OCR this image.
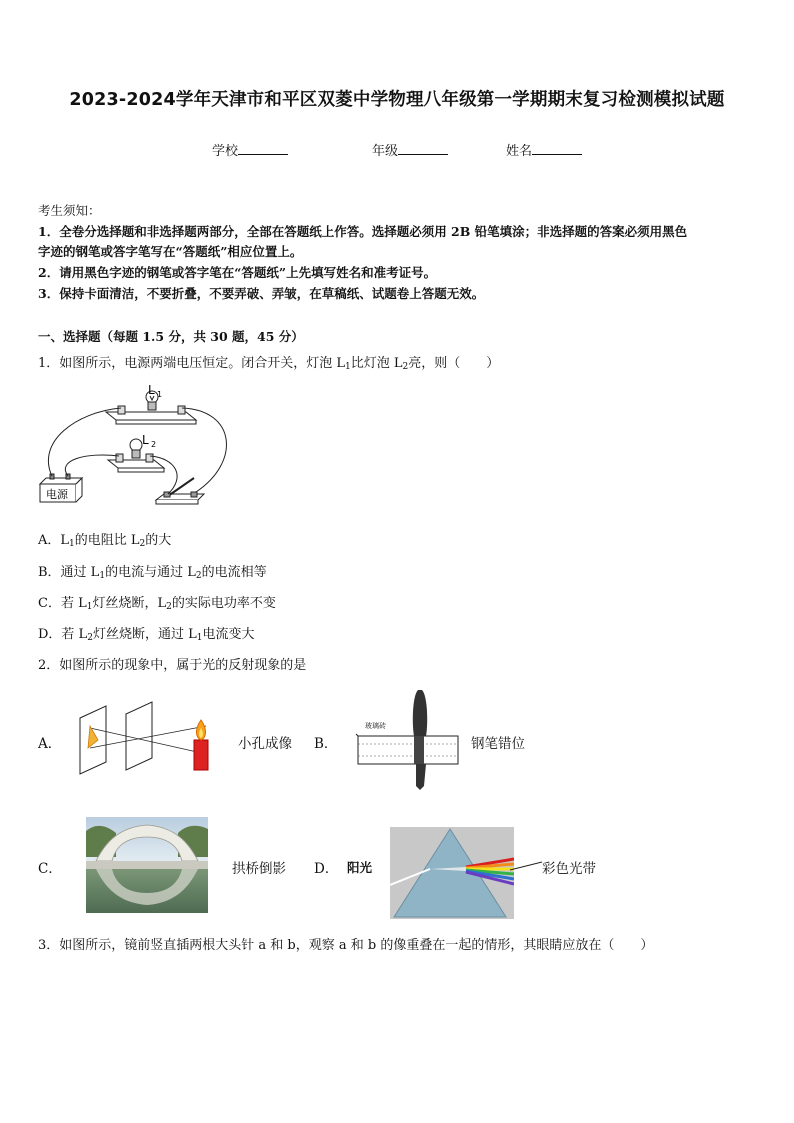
2023-2024学年天津市和平区双菱中学物理八年级第一学期期末复习检测模拟试题
学校	年级	姓名
考生须知：
1．全卷分选择题和非选择题两部分，全部在答题纸上作答。选择题必须用 2B 铅笔填涂；非选择题的答案必须用黑色
字迹的钢笔或答字笔写在“答题纸”相应位置上。
2．请用黑色字迹的钢笔或答字笔在“答题纸”上先填写姓名和准考证号。
3．保持卡面清洁，不要折叠，不要弄破、弄皱，在草稿纸、试题卷上答题无效。
一、选择题（每题 1.5 分，共 30 题，45 分）
1．如图所示，电源两端电压恒定。闭合开关，灯泡 $L_1$比灯泡 $L_2$亮，则（　　）
L 1
L 2
电源
A．$L_1$的电阻比 $L_2$的大
B．通过 $L_1$的电流与通过 $L_2$的电流相等
C．若 $L_1$灯丝烧断，$L_2$的实际电功率不变
D．若 $L_2$灯丝烧断，通过 $L_1$电流变大
2．如图所示的现象中，属于光的反射现象的是
A．	小孔成像 B．
玻璃砖
钢笔错位
C．	拱桥倒影 D． 阳光	彩色光带
3．如图所示，镜前竖直插两根大头针 a 和 b，观察 a 和 b 的像重叠在一起的情形，其眼睛应放在（　　）
